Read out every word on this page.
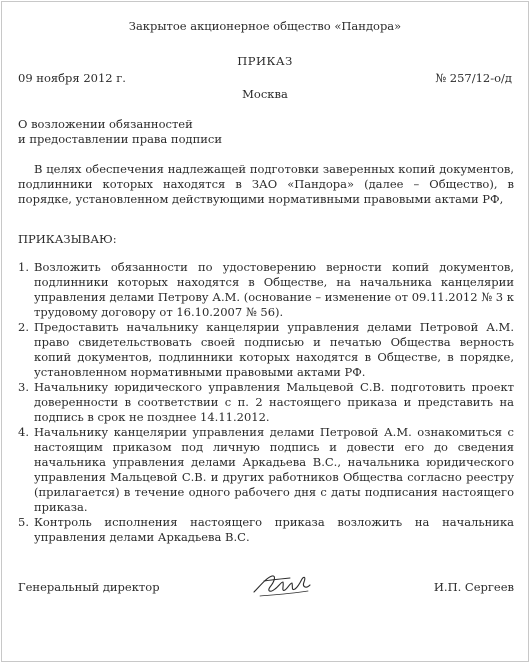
Закрытое акционерное общество «Пандора»
ПРИКАЗ
09 ноября 2012 г.	№ 257/12-о/д
Москва
О возложении обязанностей
и предоставлении права подписи
В целях обеспечения надлежащей подготовки заверенных копий документов, подлинники которых находятся в ЗАО «Пандора» (далее – Общество), в порядке, установленном действующими нормативными правовыми актами РФ,
ПРИКАЗЫВАЮ:
1. Возложить обязанности по удостоверению верности копий документов, подлинники которых находятся в Обществе, на начальника канцелярии управления делами Петрову А.М. (основание – изменение от 09.11.2012 № 3 к трудовому договору от 16.10.2007 № 56).
2. Предоставить начальнику канцелярии управления делами Петровой А.М. право свидетельствовать своей подписью и печатью Общества верность копий документов, подлинники которых находятся в Обществе, в порядке, установленном нормативными правовыми актами РФ.
3. Начальнику юридического управления Мальцевой С.В. подготовить проект доверенности в соответствии с п. 2 настоящего приказа и представить на подпись в срок не позднее 14.11.2012.
4. Начальнику канцелярии управления делами Петровой А.М. ознакомиться с настоящим приказом под личную подпись и довести его до сведения начальника управления делами Аркадьева В.С., начальника юридического управления Мальцевой С.В. и других работников Общества согласно реестру (прилагается) в течение одного рабочего дня с даты подписания настоящего приказа.
5. Контроль исполнения настоящего приказа возложить на начальника управления делами Аркадьева В.С.
Генеральный директор	И.П. Сергеев
